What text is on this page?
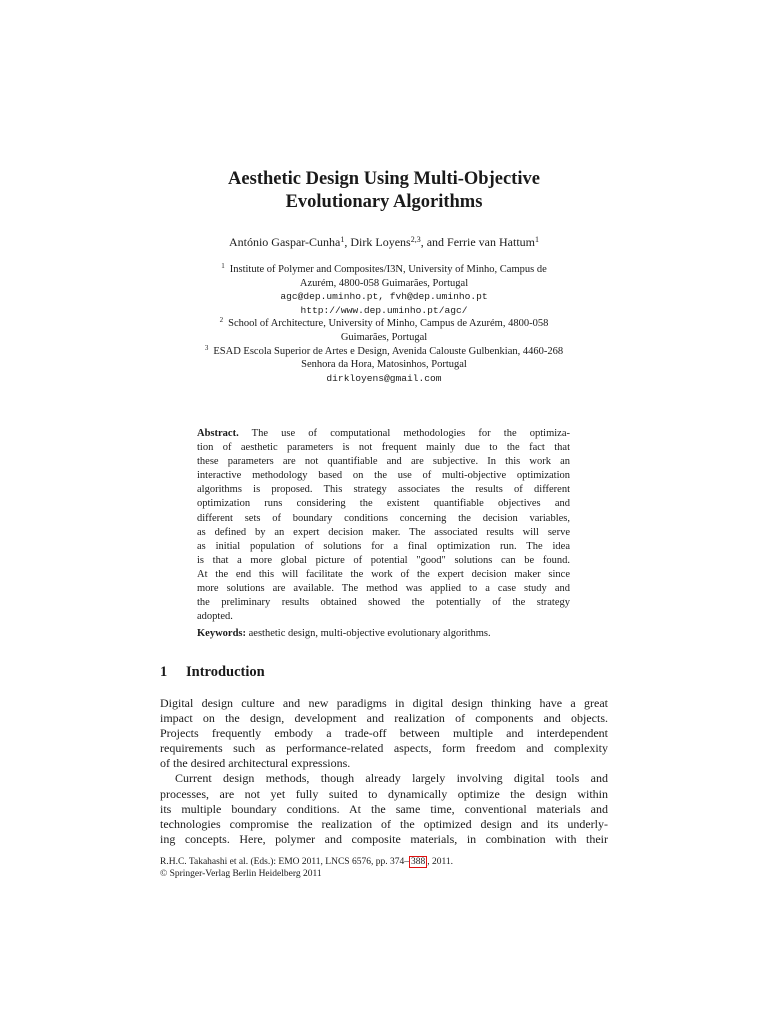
Aesthetic Design Using Multi-Objective
Evolutionary Algorithms
António Gaspar-Cunha$^1$, Dirk Loyens$^{2,3}$, and Ferrie van Hattum$^1$
$^1$ Institute of Polymer and Composites/I3N, University of Minho, Campus de
Azurém, 4800-058 Guimarães, Portugal
agc@dep.uminho.pt, fvh@dep.uminho.pt
http://www.dep.uminho.pt/agc/
$^2$ School of Architecture, University of Minho, Campus de Azurém, 4800-058
Guimarães, Portugal
$^3$ ESAD Escola Superior de Artes e Design, Avenida Calouste Gulbenkian, 4460-268
Senhora da Hora, Matosinhos, Portugal
dirkloyens@gmail.com
Abstract. The use of computational methodologies for the optimiza-
tion of aesthetic parameters is not frequent mainly due to the fact that
these parameters are not quantifiable and are subjective. In this work an
interactive methodology based on the use of multi-objective optimization
algorithms is proposed. This strategy associates the results of different
optimization runs considering the existent quantifiable objectives and
different sets of boundary conditions concerning the decision variables,
as defined by an expert decision maker. The associated results will serve
as initial population of solutions for a final optimization run. The idea
is that a more global picture of potential "good" solutions can be found.
At the end this will facilitate the work of the expert decision maker since
more solutions are available. The method was applied to a case study and
the preliminary results obtained showed the potentially of the strategy
adopted.
Keywords: aesthetic design, multi-objective evolutionary algorithms.
1 Introduction
Digital design culture and new paradigms in digital design thinking have a great
impact on the design, development and realization of components and objects.
Projects frequently embody a trade-off between multiple and interdependent
requirements such as performance-related aspects, form freedom and complexity
of the desired architectural expressions.
Current design methods, though already largely involving digital tools and
processes, are not yet fully suited to dynamically optimize the design within
its multiple boundary conditions. At the same time, conventional materials and
technologies compromise the realization of the optimized design and its underly-
ing concepts. Here, polymer and composite materials, in combination with their
R.H.C. Takahashi et al. (Eds.): EMO 2011, LNCS 6576, pp. 374– 388 , 2011.
© Springer-Verlag Berlin Heidelberg 2011
